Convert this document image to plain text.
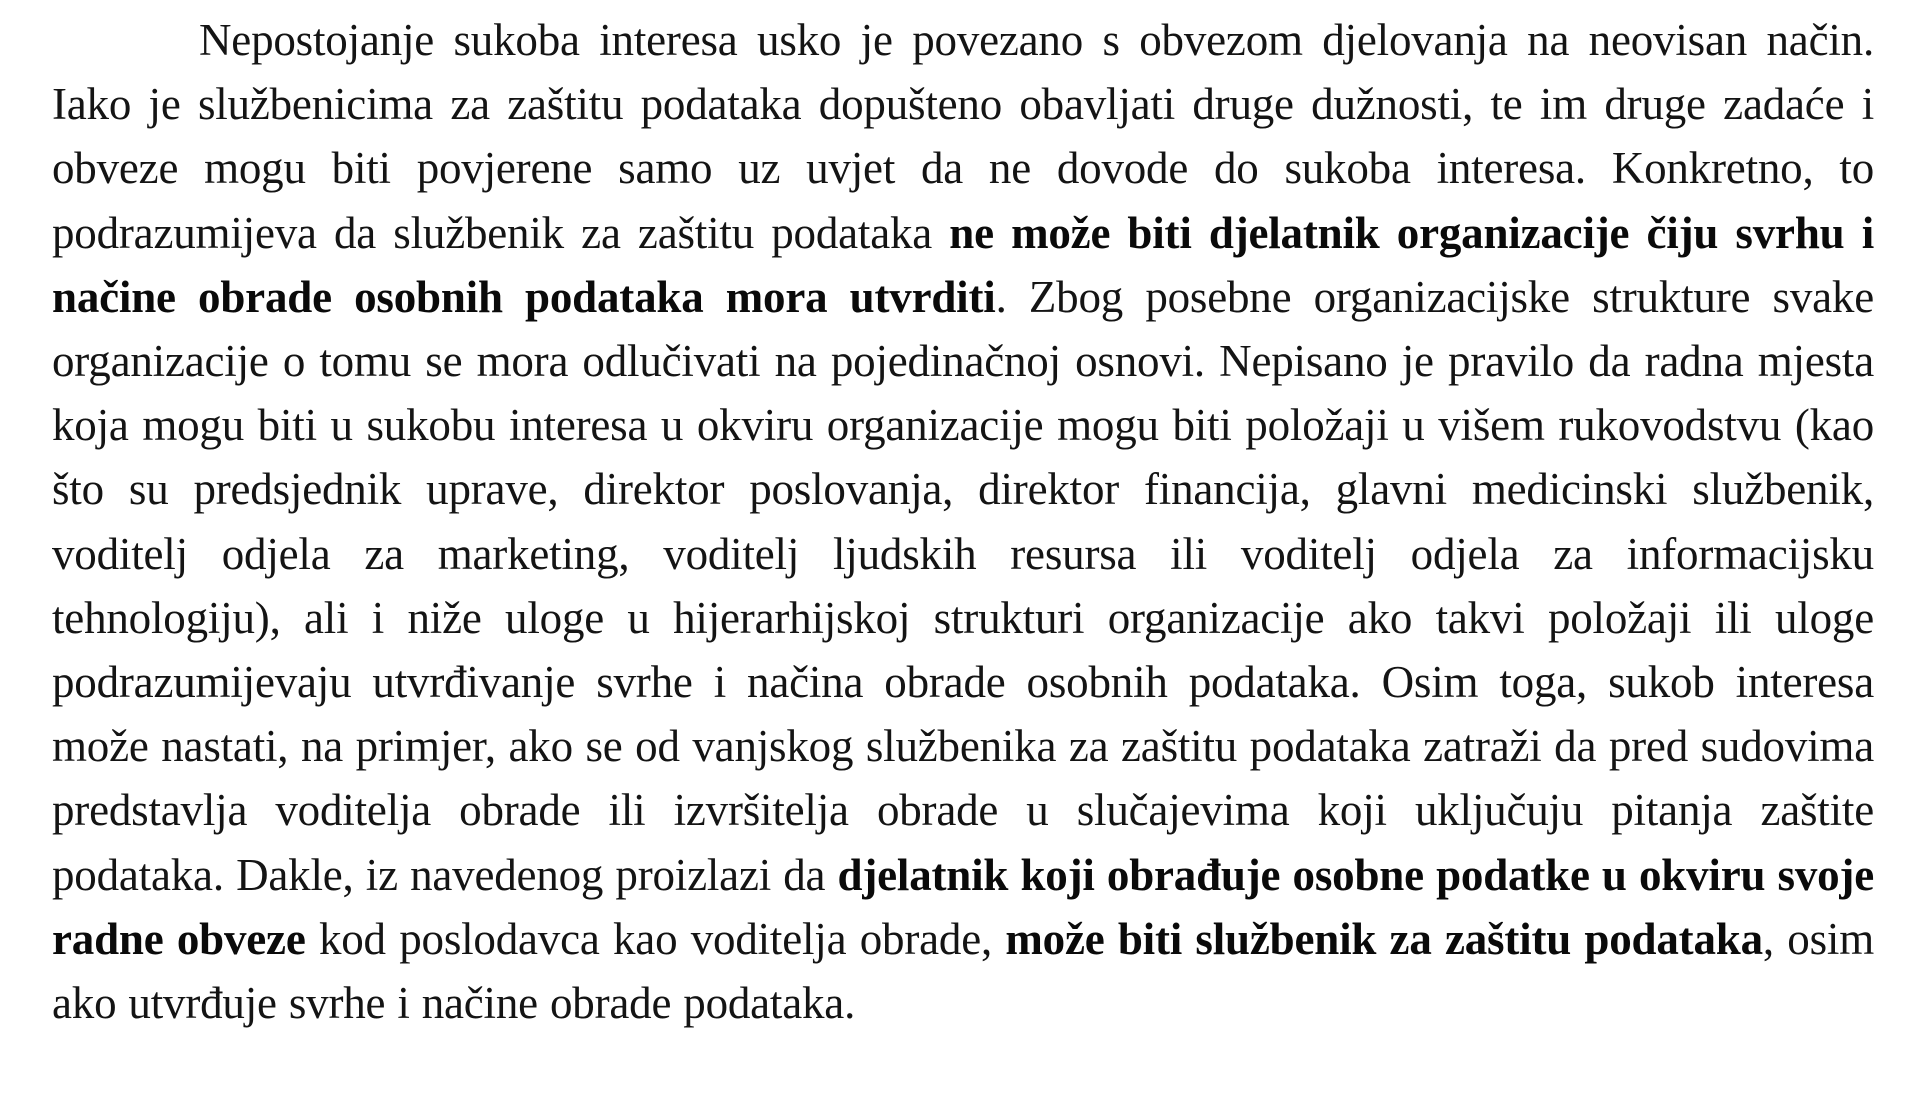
Nepostojanje sukoba interesa usko je povezano s obvezom djelovanja na neovisan način. Iako je službenicima za zaštitu podataka dopušteno obavljati druge dužnosti, te im druge zadaće i obveze mogu biti povjerene samo uz uvjet da ne dovode do sukoba interesa. Konkretno, to podrazumijeva da službenik za zaštitu podataka ne može biti djelatnik organizacije čiju svrhu i načine obrade osobnih podataka mora utvrditi. Zbog posebne organizacijske strukture svake organizacije o tomu se mora odlučivati na pojedinačnoj osnovi. Nepisano je pravilo da radna mjesta koja mogu biti u sukobu interesa u okviru organizacije mogu biti položaji u višem rukovodstvu (kao što su predsjednik uprave, direktor poslovanja, direktor financija, glavni medicinski službenik, voditelj odjela za marketing, voditelj ljudskih resursa ili voditelj odjela za informacijsku tehnologiju), ali i niže uloge u hijerarhijskoj strukturi organizacije ako takvi položaji ili uloge podrazumijevaju utvrđivanje svrhe i načina obrade osobnih podataka. Osim toga, sukob interesa može nastati, na primjer, ako se od vanjskog službenika za zaštitu podataka zatraži da pred sudovima predstavlja voditelja obrade ili izvršitelja obrade u slučajevima koji uključuju pitanja zaštite podataka. Dakle, iz navedenog proizlazi da djelatnik koji obrađuje osobne podatke u okviru svoje radne obveze kod poslodavca kao voditelja obrade, može biti službenik za zaštitu podataka, osim ako utvrđuje svrhe i načine obrade podataka.
